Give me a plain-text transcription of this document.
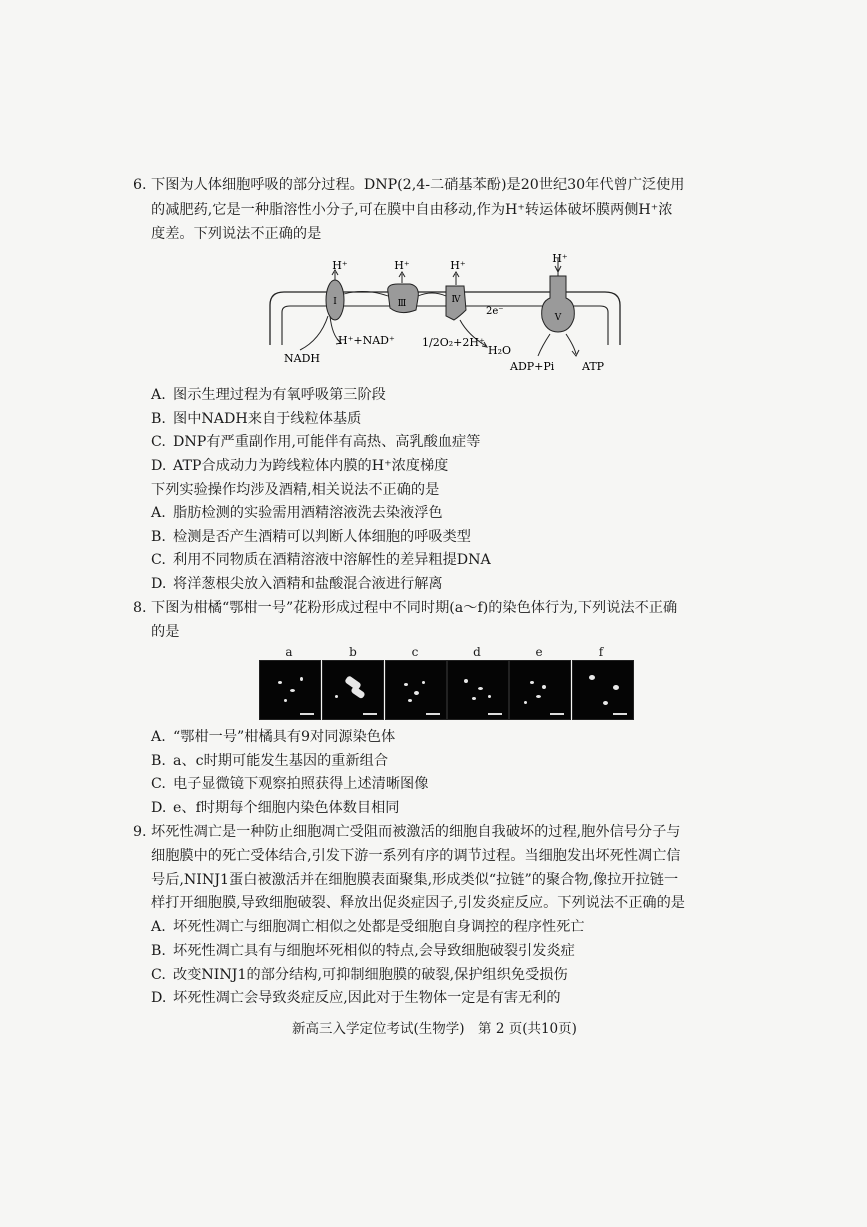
6. 下图为人体细胞呼吸的部分过程。DNP(2,4-二硝基苯酚)是20世纪30年代曾广泛使用
的减肥药,它是一种脂溶性小分子,可在膜中自由移动,作为H⁺转运体破坏膜两侧H⁺浓
度差。下列说法不正确的是
Ⅰ
H⁺
Ⅲ
H⁺
Ⅳ
H⁺
2e⁻
V
H⁺
NADH
H⁺+NAD⁺ 1/2O₂+2H⁺
H₂O
ADP+Pi	ATP
A. 图示生理过程为有氧呼吸第三阶段
B. 图中NADH来自于线粒体基质
C. DNP有严重副作用,可能伴有高热、高乳酸血症等
D. ATP合成动力为跨线粒体内膜的H⁺浓度梯度
下列实验操作均涉及酒精,相关说法不正确的是
A. 脂肪检测的实验需用酒精溶液洗去染液浮色
B. 检测是否产生酒精可以判断人体细胞的呼吸类型
C. 利用不同物质在酒精溶液中溶解性的差异粗提DNA
D. 将洋葱根尖放入酒精和盐酸混合液进行解离
8. 下图为柑橘“鄂柑一号”花粉形成过程中不同时期(a～f)的染色体行为,下列说法不正确
的是
a	b	c	d	e	f
A. “鄂柑一号”柑橘具有9对同源染色体
B. a、c时期可能发生基因的重新组合
C. 电子显微镜下观察拍照获得上述清晰图像
D. e、f时期每个细胞内染色体数目相同
9. 坏死性凋亡是一种防止细胞凋亡受阻而被激活的细胞自我破坏的过程,胞外信号分子与
细胞膜中的死亡受体结合,引发下游一系列有序的调节过程。当细胞发出坏死性凋亡信
号后,NINJ1蛋白被激活并在细胞膜表面聚集,形成类似“拉链”的聚合物,像拉开拉链一
样打开细胞膜,导致细胞破裂、释放出促炎症因子,引发炎症反应。下列说法不正确的是
A. 坏死性凋亡与细胞凋亡相似之处都是受细胞自身调控的程序性死亡
B. 坏死性凋亡具有与细胞坏死相似的特点,会导致细胞破裂引发炎症
C. 改变NINJ1的部分结构,可抑制细胞膜的破裂,保护组织免受损伤
D. 坏死性凋亡会导致炎症反应,因此对于生物体一定是有害无利的
新高三入学定位考试(生物学)　第 2 页(共10页)
